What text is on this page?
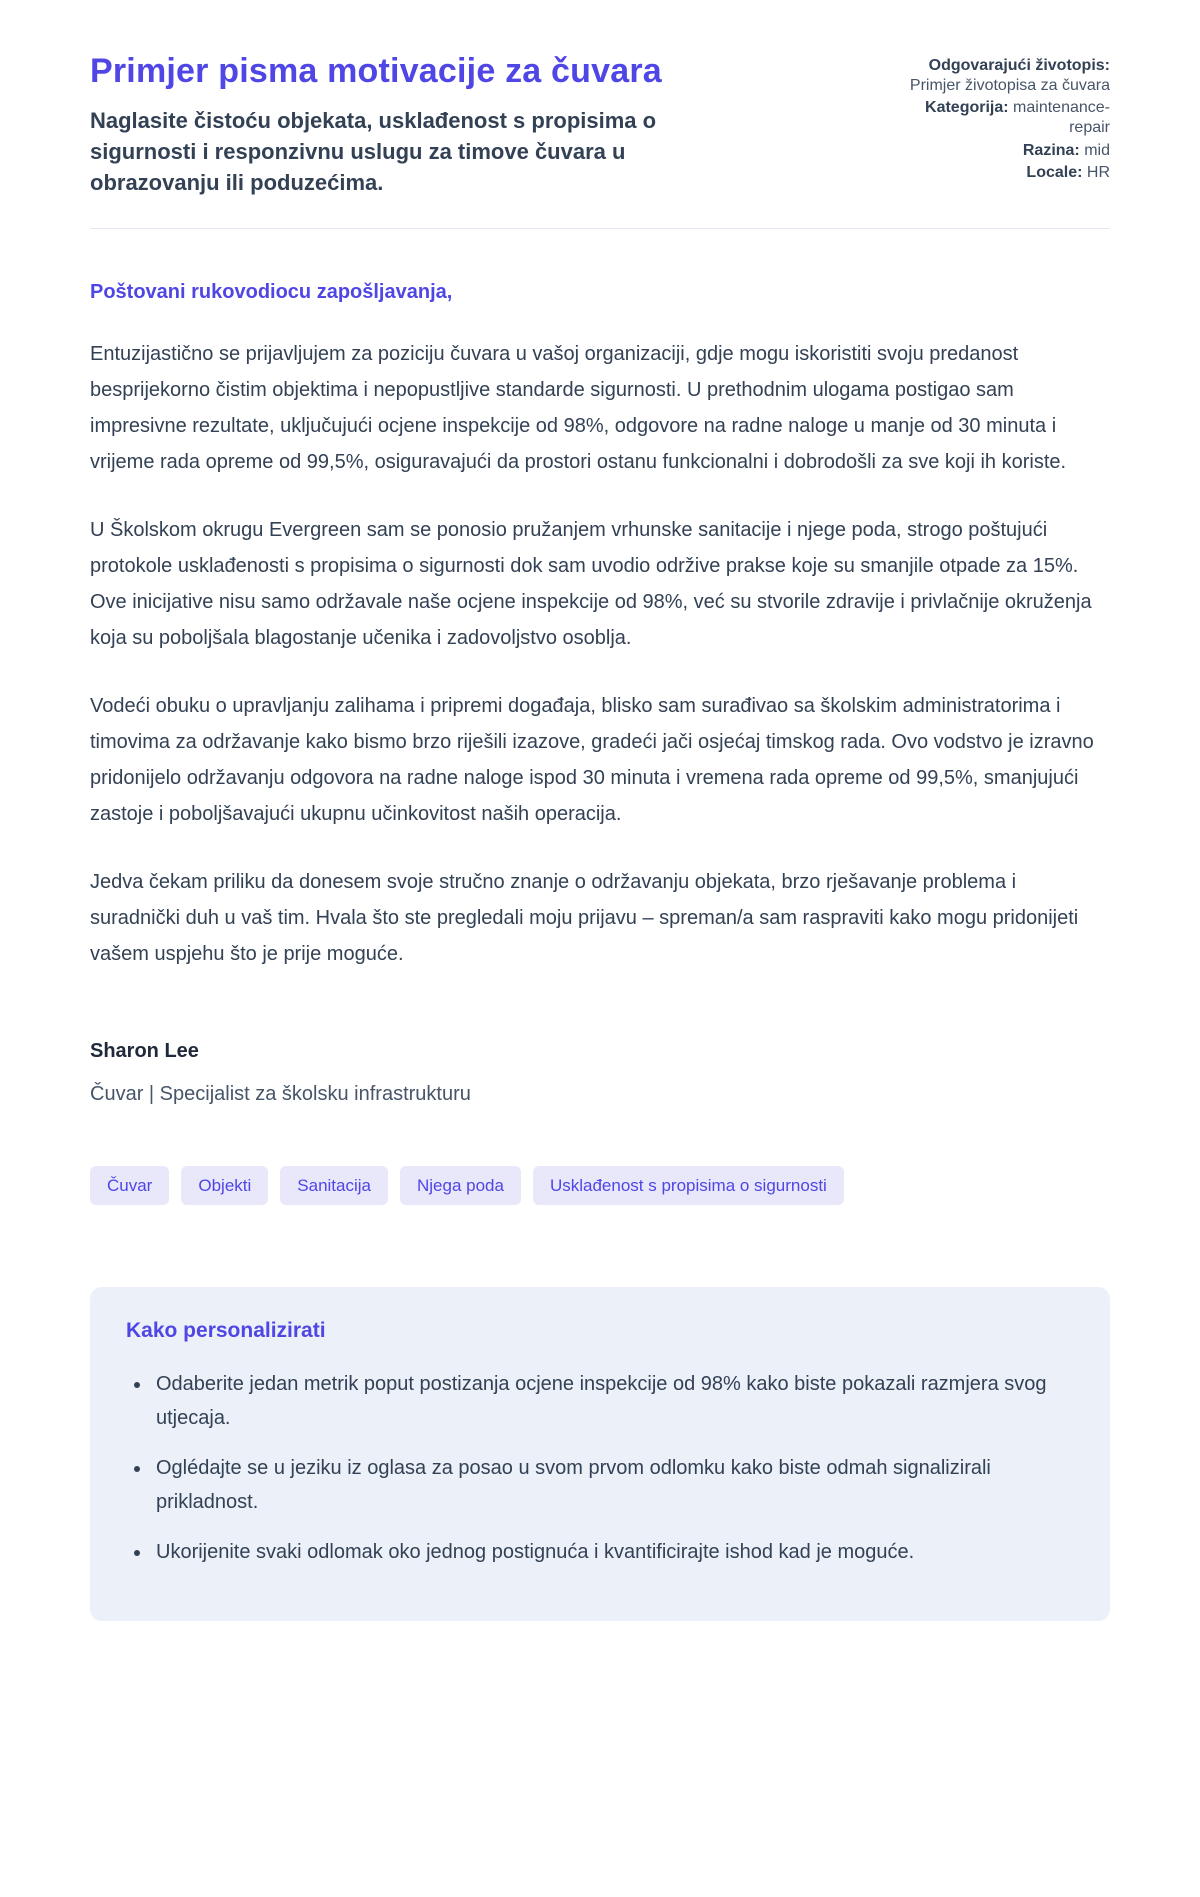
Primjer pisma motivacije za čuvara

Naglasite čistoću objekata, usklađenost s propisima o sigurnosti i responzivnu uslugu za timove čuvara u obrazovanju ili poduzećima.

Odgovarajući životopis: Primjer životopisa za čuvara
Kategorija: maintenance-repair
Razina: mid
Locale: HR

Poštovani rukovodiocu zapošljavanja,

Entuzijastično se prijavljujem za poziciju čuvara u vašoj organizaciji, gdje mogu iskoristiti svoju predanost besprijekorno čistim objektima i nepopustljive standarde sigurnosti. U prethodnim ulogama postigao sam impresivne rezultate, uključujući ocjene inspekcije od 98%, odgovore na radne naloge u manje od 30 minuta i vrijeme rada opreme od 99,5%, osiguravajući da prostori ostanu funkcionalni i dobrodošli za sve koji ih koriste.

U Školskom okrugu Evergreen sam se ponosio pružanjem vrhunske sanitacije i njege poda, strogo poštujući protokole usklađenosti s propisima o sigurnosti dok sam uvodio održive prakse koje su smanjile otpade za 15%. Ove inicijative nisu samo održavale naše ocjene inspekcije od 98%, već su stvorile zdravije i privlačnije okruženja koja su poboljšala blagostanje učenika i zadovoljstvo osoblja.

Vodeći obuku o upravljanju zalihama i pripremi događaja, blisko sam surađivao sa školskim administratorima i timovima za održavanje kako bismo brzo riješili izazove, gradeći jači osjećaj timskog rada. Ovo vodstvo je izravno pridonijelo održavanju odgovora na radne naloge ispod 30 minuta i vremena rada opreme od 99,5%, smanjujući zastoje i poboljšavajući ukupnu učinkovitost naših operacija.

Jedva čekam priliku da donesem svoje stručno znanje o održavanju objekata, brzo rješavanje problema i suradnički duh u vaš tim. Hvala što ste pregledali moju prijavu – spreman/a sam raspraviti kako mogu pridonijeti vašem uspjehu što je prije moguće.

Sharon Lee

Čuvar | Specijalist za školsku infrastrukturu

Čuvar	Objekti	Sanitacija	Njega poda	Usklađenost s propisima o sigurnosti
Kako personalizirati
• Odaberite jedan metrik poput postizanja ocjene inspekcije od 98% kako biste pokazali razmjera svog utjecaja.
• Oglédajte se u jeziku iz oglasa za posao u svom prvom odlomku kako biste odmah signalizirali prikladnost.
• Ukorijenite svaki odlomak oko jednog postignuća i kvantificirajte ishod kad je moguće.
